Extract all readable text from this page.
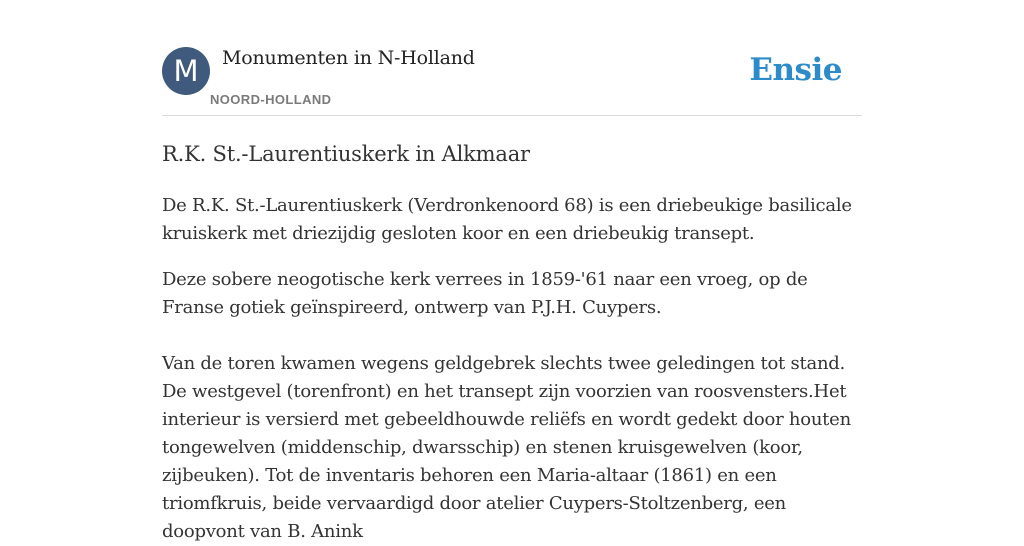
M	Monumenten in N-Holland
NOORD-HOLLAND
Ensie
R.K. St.-Laurentiuskerk in Alkmaar

De R.K. St.-Laurentiuskerk (Verdronkenoord 68) is een driebeukige basilicale kruiskerk met driezijdig gesloten koor en een driebeukig transept.

Deze sobere neogotische kerk verrees in 1859-'61 naar een vroeg, op de Franse gotiek geïnspireerd, ontwerp van P.J.H. Cuypers.

Van de toren kwamen wegens geldgebrek slechts twee geledingen tot stand. De westgevel (torenfront) en het transept zijn voorzien van roosvensters.Het interieur is versierd met gebeeldhouwde reliëfs en wordt gedekt door houten tongewelven (middenschip, dwarsschip) en stenen kruisgewelven (koor, zijbeuken). Tot de inventaris behoren een Maria-altaar (1861) en een triomfkruis, beide vervaardigd door atelier Cuypers-Stoltzenberg, een doopvont van B. Anink
